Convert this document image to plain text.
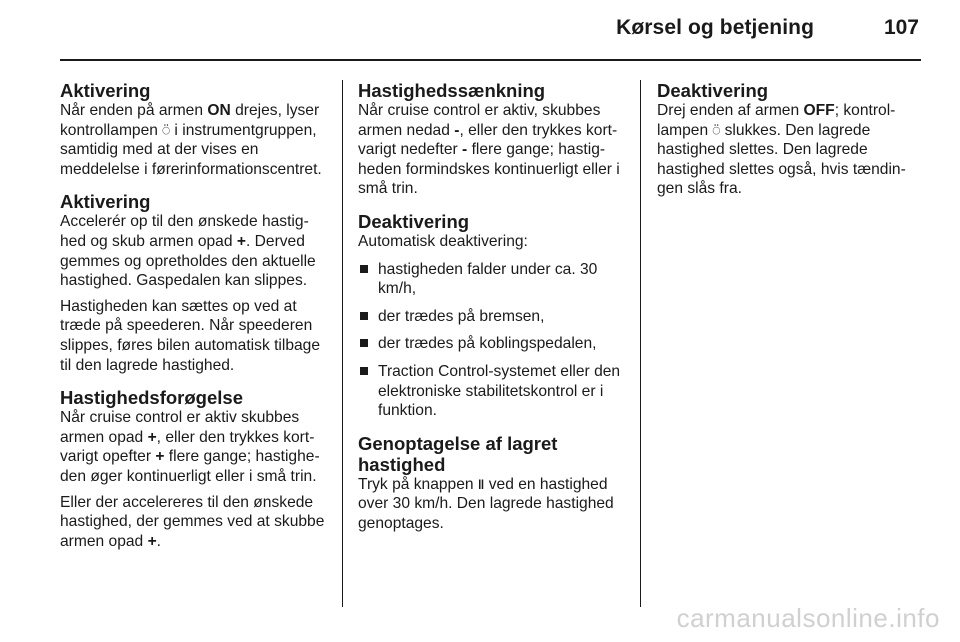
Kørsel og betjening	107
Aktivering

Når enden på armen ON drejes, lyser kontrollampen ⍥ i instrumentgruppen, samtidig med at der vises en meddelelse i førerinformationscentret.

Aktivering

Accelerér op til den ønskede hastighed og skub armen opad +. Derved gemmes og opretholdes den aktuelle hastighed. Gaspedalen kan slippes.

Hastigheden kan sættes op ved at træde på speederen. Når speederen slippes, føres bilen automatisk tilbage til den lagrede hastighed.

Hastighedsforøgelse

Når cruise control er aktiv skubbes armen opad +, eller den trykkes kortvarigt opefter + flere gange; hastigheden øger kontinuerligt eller i små trin.

Eller der accelereres til den ønskede hastighed, der gemmes ved at skubbe armen opad +.

Hastighedssænkning

Når cruise control er aktiv, skubbes armen nedad -, eller den trykkes kortvarigt nedefter - flere gange; hastigheden formindskes kontinuerligt eller i små trin.

Deaktivering

Automatisk deaktivering:

hastigheden falder under ca. 30 km/h,
der trædes på bremsen,
der trædes på koblingspedalen,
Traction Control-systemet eller den elektroniske stabilitetskontrol er i funktion.
Genoptagelse af lagret hastighed

Tryk på knappen ‖ ved en hastighed over 30 km/h. Den lagrede hastighed genoptages.

Deaktivering

Drej enden af armen OFF; kontrollampen ⍥ slukkes. Den lagrede hastighed slettes. Den lagrede hastighed slettes også, hvis tændingen slås fra.

carmanualsonline.info
